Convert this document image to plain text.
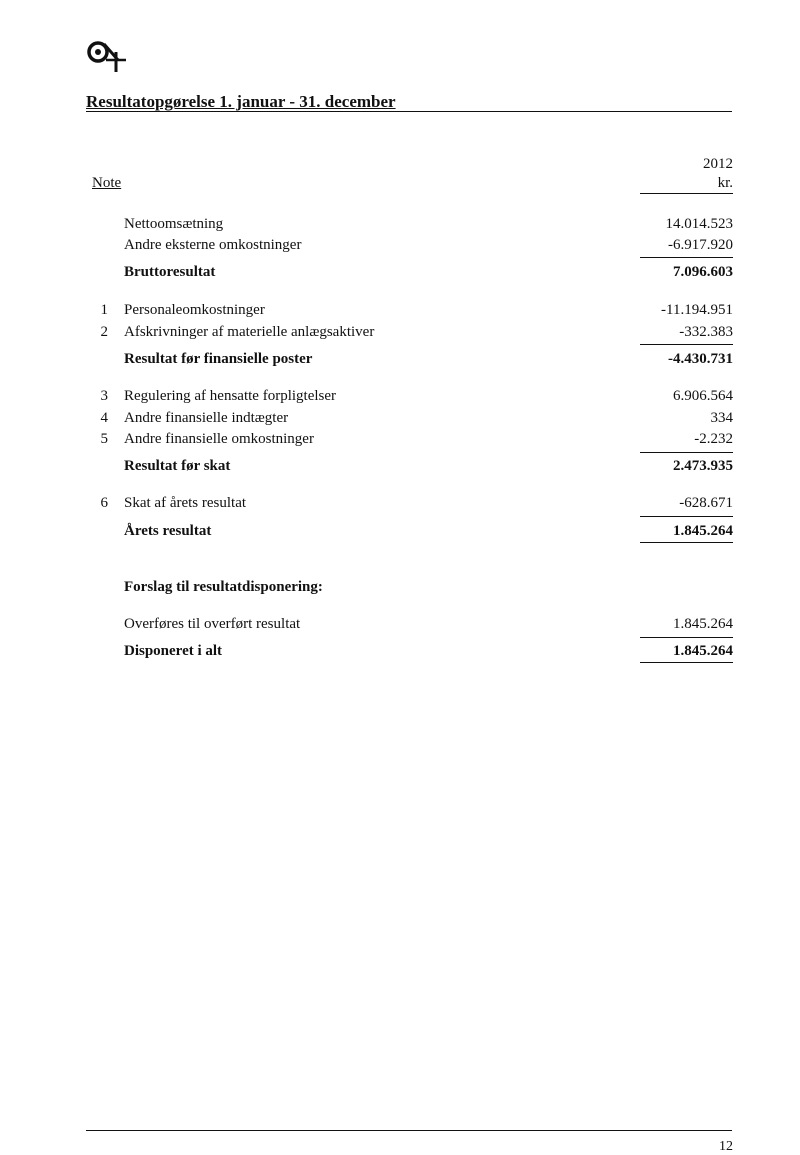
Resultatopgørelse 1. januar - 31. december
2012
kr.
Note
Nettoomsætning	14.014.523
Andre eksterne omkostninger	-6.917.920
Bruttoresultat	7.096.603
1 Personaleomkostninger	-11.194.951
2 Afskrivninger af materielle anlægsaktiver	-332.383
Resultat før finansielle poster	-4.430.731
3 Regulering af hensatte forpligtelser	6.906.564
4 Andre finansielle indtægter	334
5 Andre finansielle omkostninger	-2.232
Resultat før skat	2.473.935
6 Skat af årets resultat	-628.671
Årets resultat	1.845.264
Forslag til resultatdisponering:
Overføres til overført resultat	1.845.264
Disponeret i alt	1.845.264
12
